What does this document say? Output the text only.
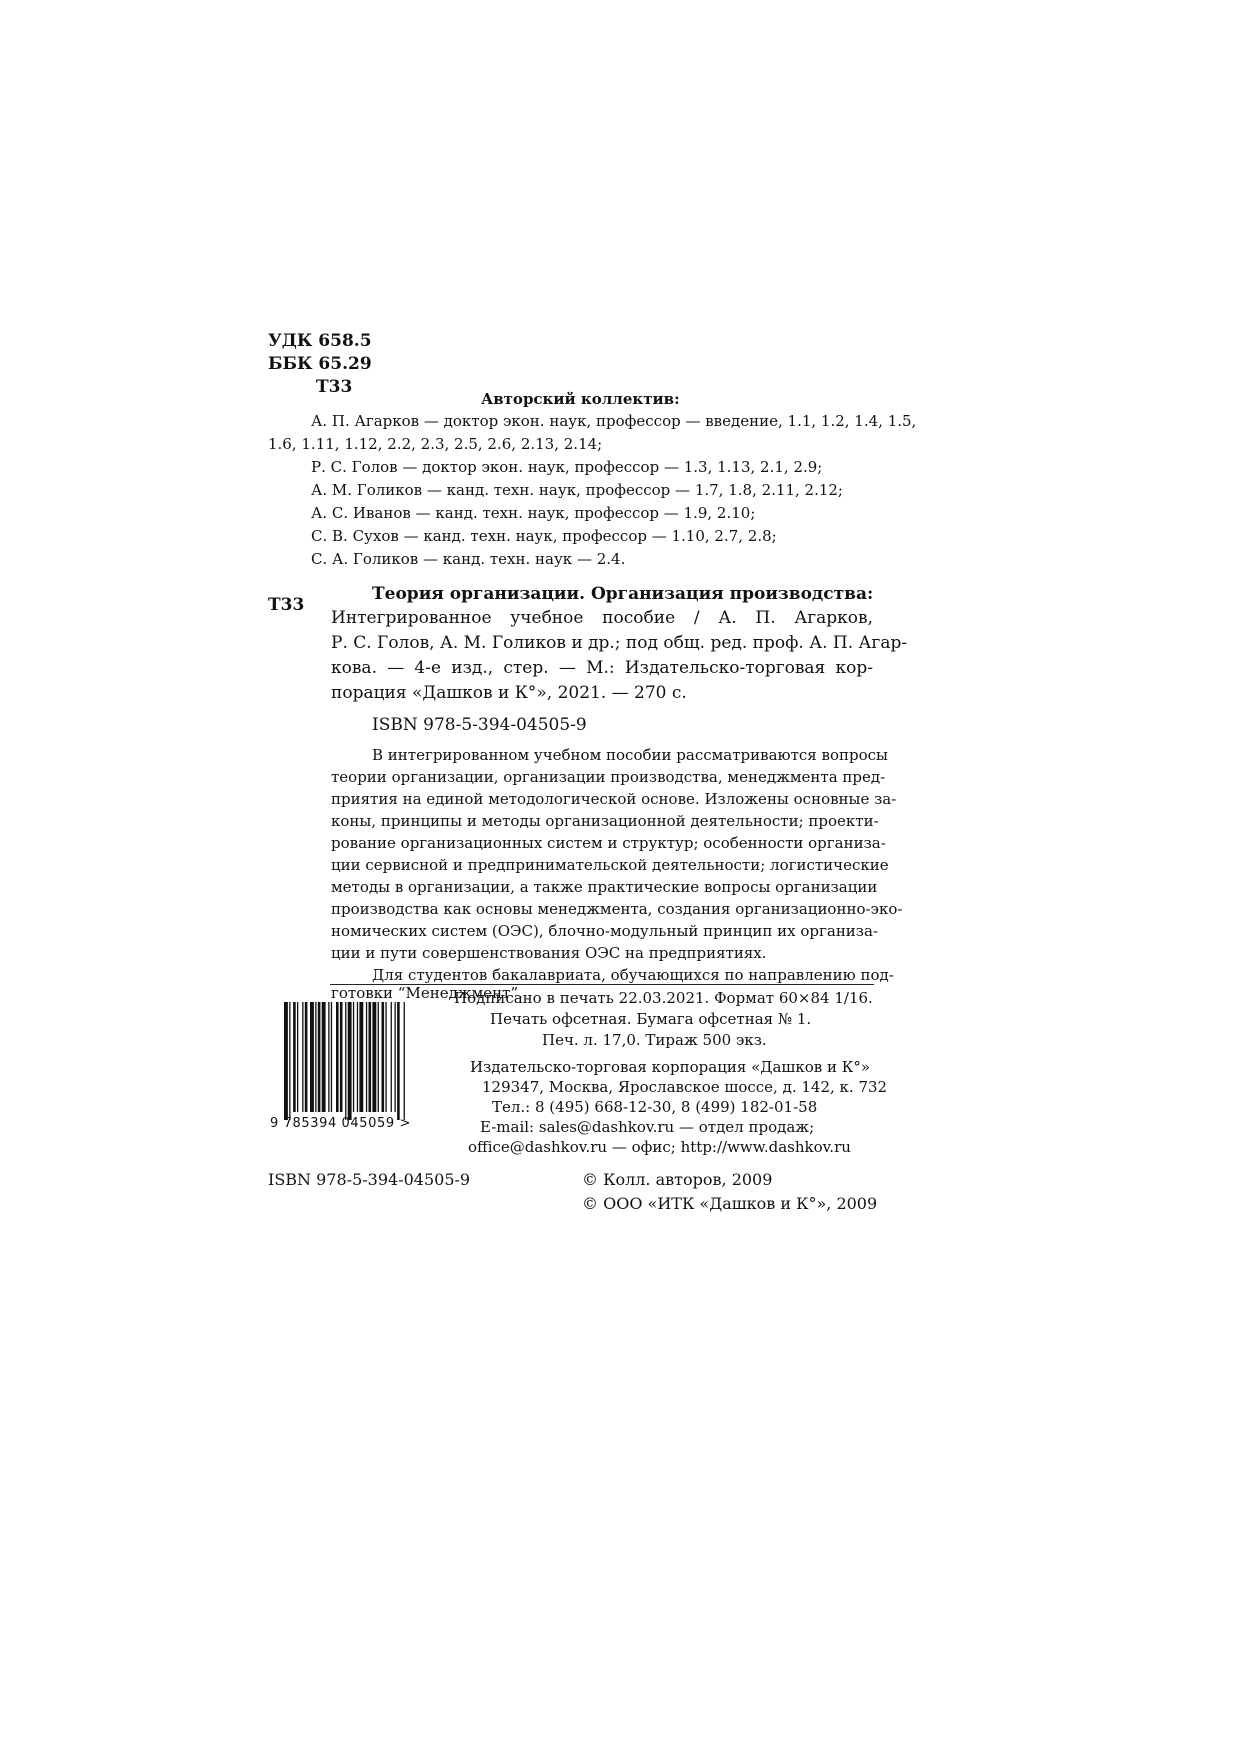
УДК 658.5
ББК 65.29
Т33
Авторский коллектив:
А. П. Агарков — доктор экон. наук, профессор — введение, 1.1, 1.2, 1.4, 1.5,
1.6, 1.11, 1.12, 2.2, 2.3, 2.5, 2.6, 2.13, 2.14;
Р. С. Голов — доктор экон. наук, профессор — 1.3, 1.13, 2.1, 2.9;
А. М. Голиков — канд. техн. наук, профессор — 1.7, 1.8, 2.11, 2.12;
А. С. Иванов — канд. техн. наук, профессор — 1.9, 2.10;
С. В. Сухов — канд. техн. наук, профессор — 1.10, 2.7, 2.8;
С. А. Голиков — канд. техн. наук — 2.4.
Т33
Теория организации. Организация производства:
Интегрированное учебное пособие / А. П. Агарков,
Р. С. Голов, А. М. Голиков и др.; под общ. ред. проф. А. П. Агар-
кова. — 4-е изд., стер. — М.: Издательско-торговая кор-
порация «Дашков и К°», 2021. — 270 с.
ISBN 978-5-394-04505-9
В интегрированном учебном пособии рассматриваются вопросы
теории организации, организации производства, менеджмента пред-
приятия на единой методологической основе. Изложены основные за-
коны, принципы и методы организационной деятельности; проекти-
рование организационных систем и структур; особенности организа-
ции сервисной и предпринимательской деятельности; логистические
методы в организации, а также практические вопросы организации
производства как основы менеджмента, создания организационно-эко-
номических систем (ОЭС), блочно-модульный принцип их организа-
ции и пути совершенствования ОЭС на предприятиях.
Для студентов бакалавриата, обучающихся по направлению под-
готовки “Менеджмент”.
Подписано в печать 22.03.2021. Формат 60×84 1/16.
Печать офсетная. Бумага офсетная № 1.
Печ. л. 17,0. Тираж 500 экз.
Издательско-торговая корпорация «Дашков и К°»
129347, Москва, Ярославское шоссе, д. 142, к. 732
Тел.: 8 (495) 668-12-30, 8 (499) 182-01-58
E-mail: sales@dashkov.ru — отдел продаж;
office@dashkov.ru — офис; http://www.dashkov.ru
9 785394 045059 >
ISBN 978-5-394-04505-9	© Колл. авторов, 2009
© ООО «ИТК «Дашков и К°», 2009
